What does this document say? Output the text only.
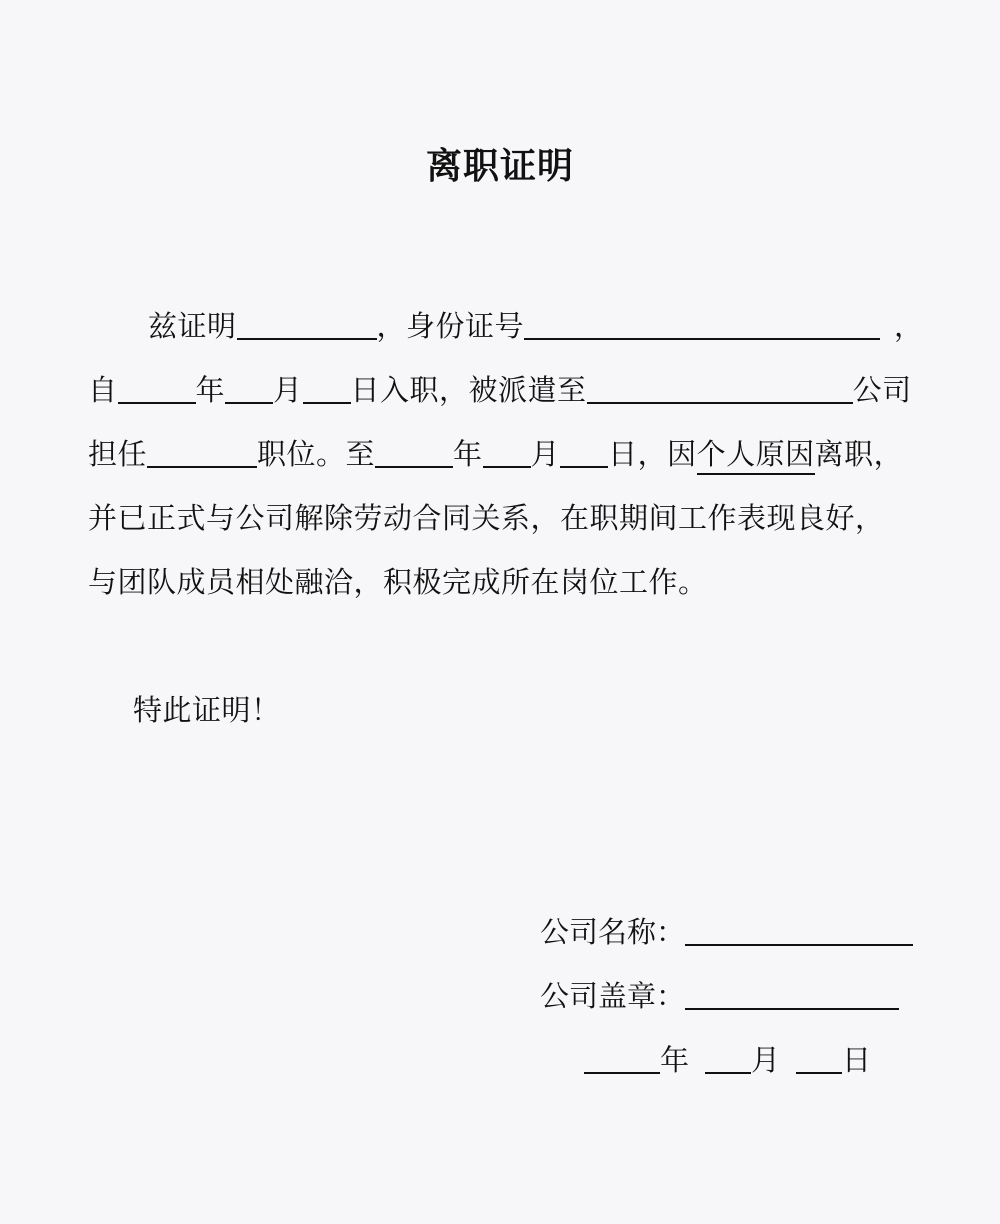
离职证明
兹证明	，身份证号	，
自	年 月 日入职，被派遣至	公司
担任	职位。至	年 月 日，因个人原因离职，
并已正式与公司解除劳动合同关系，在职期间工作表现良好，
与团队成员相处融洽，积极完成所在岗位工作。
特此证明！
公司名称：
公司盖章：
年 月 日
